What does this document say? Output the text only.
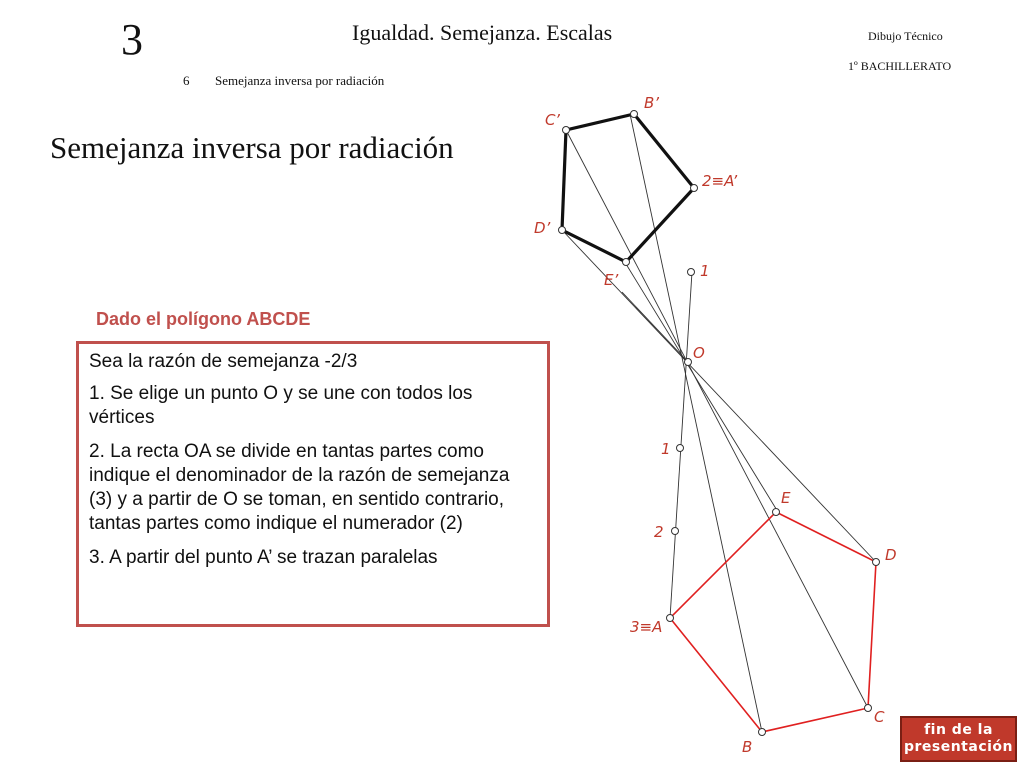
3	Igualdad. Semejanza. Escalas	Dibujo Técnico
1º BACHILLERATO
6 Semejanza inversa por radiación
Semejanza inversa por radiación
O
3≡A
B
C
D
E
1
2
1
2≡A’
B’
C’
D’
E’
Dado el polígono ABCDE

Sea la razón de semejanza -2/3

1. Se elige un punto O y se une con todos los vértices

2. La recta OA se divide en tantas partes como indique el denominador de la razón de semejanza (3) y a partir de O se toman, en sentido contrario, tantas partes como indique el numerador (2)

3. A partir del punto A’ se trazan paralelas

fin de la
presentación
